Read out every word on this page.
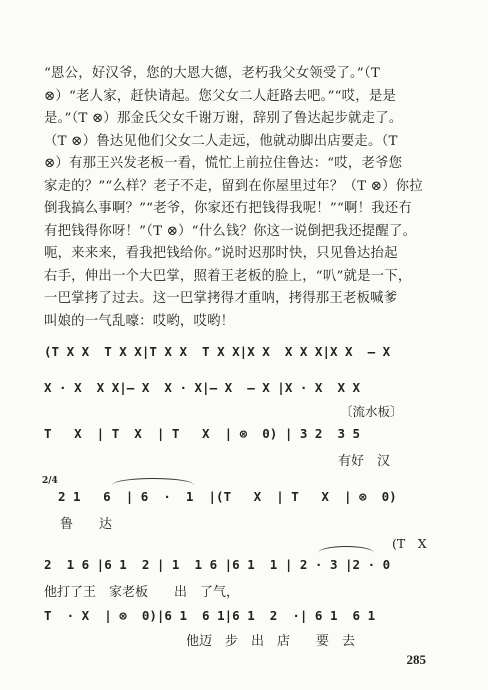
“恩公，好汉爷，您的大恩大德，老朽我父女领受了。”（T
⊗）“老人家，赶快请起。您父女二人赶路去吧。”“哎，是是
是。”（T ⊗）那金氏父女千谢万谢，辞别了鲁达起步就走了。
（T ⊗）鲁达见他们父女二人走远，他就动脚出店要走。（T
⊗）有那王兴发老板一看，慌忙上前拉住鲁达：“哎，老爷您
家走的？”“么样？老子不走，留到在你屋里过年？（T ⊗）你拉
倒我搞么事啊？”“老爷，你家还冇把钱得我呢！”“啊！我还冇
有把钱得你呀！”（T ⊗）“什么钱？你这一说倒把我还提醒了。
呃，来来来，看我把钱给你。”说时迟那时快，只见鲁达抬起
右手，伸出一个大巴掌，照着王老板的脸上，“叭”就是一下，
一巴掌拷了过去。这一巴掌拷得才重呐，拷得那王老板喊爹
叫娘的一气乱嚎：哎哟，哎哟！
(T X X  T X X|T X X  T X X|X X  X X X|X X  — X
X · X  X X|— X  X · X|— X  — X |X · X  X X
〔流水板〕
T   X  | T  X  | T   X  | ⊗  0) | 3 2  3 5
有好　汉
2/4
2 1   6  | 6  ·  1  |(T   X  | T   X  | ⊗  0)
鲁　　达
(T　X
2  1 6 |6 1  2 | 1  1 6 |6 1  1 | 2 · 3 |2 · 0
他打了王　家老板　　出　了气，
T  · X  | ⊗  0)|6 1  6 1|6 1  2  ·| 6 1  6 1
他迈　步　出　店　　要　去
285
